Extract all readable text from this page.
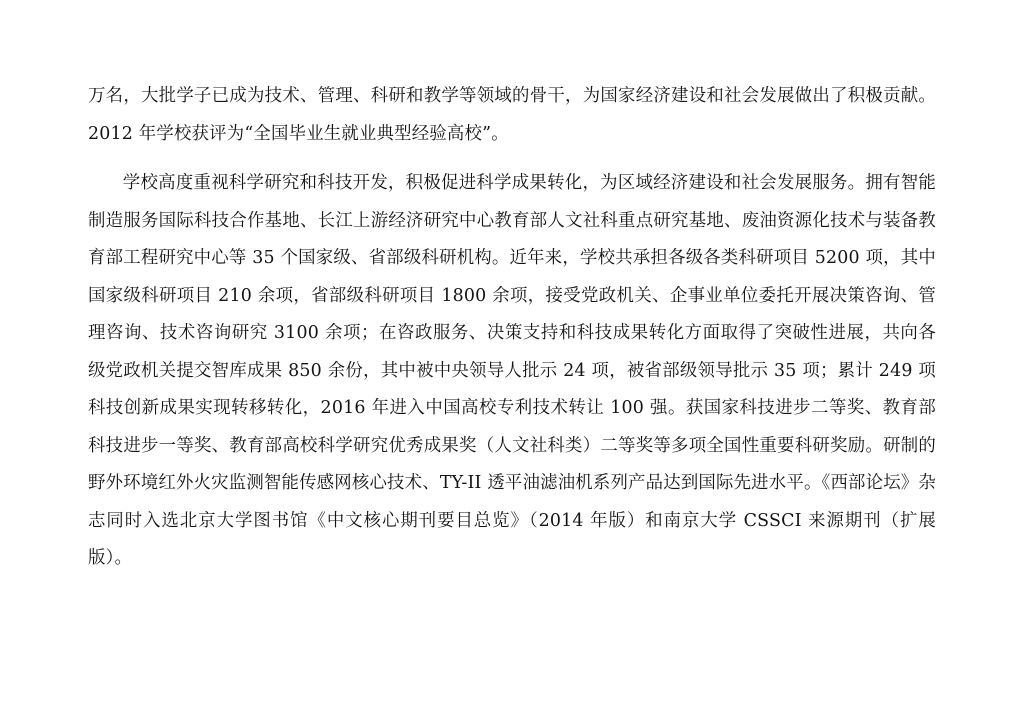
万名，大批学子已成为技术、管理、科研和教学等领域的骨干，为国家经济建设和社会发展做出了积极贡献。2012 年学校获评为“全国毕业生就业典型经验高校”。

学校高度重视科学研究和科技开发，积极促进科学成果转化，为区域经济建设和社会发展服务。拥有智能制造服务国际科技合作基地、长江上游经济研究中心教育部人文社科重点研究基地、废油资源化技术与装备教育部工程研究中心等 35 个国家级、省部级科研机构。近年来，学校共承担各级各类科研项目 5200 项，其中国家级科研项目 210 余项，省部级科研项目 1800 余项，接受党政机关、企事业单位委托开展决策咨询、管理咨询、技术咨询研究 3100 余项；在咨政服务、决策支持和科技成果转化方面取得了突破性进展，共向各级党政机关提交智库成果 850 余份，其中被中央领导人批示 24 项，被省部级领导批示 35 项；累计 249 项科技创新成果实现转移转化，2016 年进入中国高校专利技术转让 100 强。获国家科技进步二等奖、教育部科技进步一等奖、教育部高校科学研究优秀成果奖（人文社科类）二等奖等多项全国性重要科研奖励。研制的野外环境红外火灾监测智能传感网核心技术、TY-II 透平油滤油机系列产品达到国际先进水平。《西部论坛》杂志同时入选北京大学图书馆《中文核心期刊要目总览》（2014 年版）和南京大学 CSSCI 来源期刊（扩展版）。
